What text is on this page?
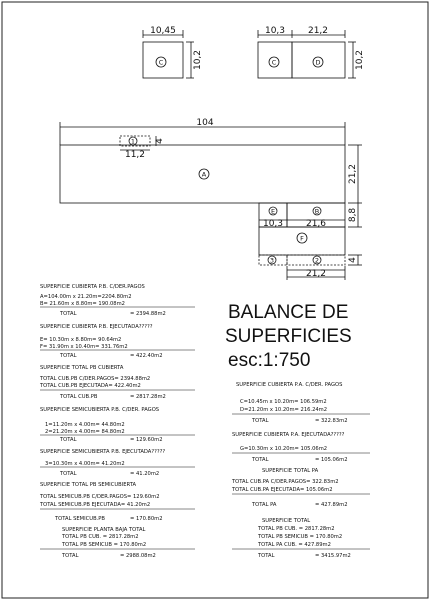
10,45
10,2
C
10,3	21,2
10,2
C	D
104
11,2
4
21,2
8,8
10,3	21,6
4
21,2
A
1
E	B
F
3	2
BALANCE DE
SUPERFICIES
esc:1:750
SUPERFICIE CUBIERTA P.B. C/DER.PAGOS
A=104.00m x 21.20m=2204.80m2
B= 21.60m x 8.80m= 190.08m2
TOTAL	= 2394.88m2
SUPERFICIE CUBIERTA P.B. EJECUTADA?????
E= 10.30m x 8.80m= 90.64m2
F= 31.90m x 10.40m= 331.76m2
TOTAL	= 422.40m2
SUPERFICIE TOTAL PB CUBIERTA
TOTAL CUB.PB C/DER.PAGOS= 2394.88m2
TOTAL CUB.PB EJECUTADA= 422.40m2
TOTAL CUB.PB	= 2817.28m2
SUPERFICIE SEMICUBIERTA P.B. C/DER. PAGOS
1=11.20m x 4.00m= 44.80m2
2=21.20m x 4.00m= 84.80m2
TOTAL	= 129.60m2
SUPERFICIE SEMICUBIERTA P.B. EJECUTADA?????
3=10.30m x 4.00m= 41.20m2
TOTAL	= 41.20m2
SUPERFICIE TOTAL PB SEMICUBIERTA
TOTAL SEMICUB.PB C/DER.PAGOS= 129.60m2
TOTAL SEMICUB.PB EJECUTADA= 41.20m2
TOTAL SEMICUB.PB	= 170.80m2
SUPERFICIE PLANTA BAJA TOTAL
TOTAL PB CUB. = 2817.28m2
TOTAL PB SEMICUB = 170.80m2
TOTAL	= 2988.08m2
SUPERFICIE CUBIERTA P.A. C/DER. PAGOS
C=10.45m x 10.20m= 106.59m2
D=21.20m x 10.20m= 216.24m2
TOTAL	= 322.83m2
SUPERFICIE CUBIERTA P.A. EJECUTADA?????
G=10.30m x 10.20m= 105.06m2
TOTAL	= 105.06m2
SUPERFICIE TOTAL PA
TOTAL CUB.PA C/DER.PAGOS= 322.83m2
TOTAL CUB.PA EJECUTADA= 105.06m2
TOTAL PA	= 427.89m2
SUPERFICIE TOTAL
TOTAL PB CUB. = 2817.28m2
TOTAL PB SEMICUB = 170.80m2
TOTAL PA CUB. = 427.89m2
TOTAL	= 3415.97m2
